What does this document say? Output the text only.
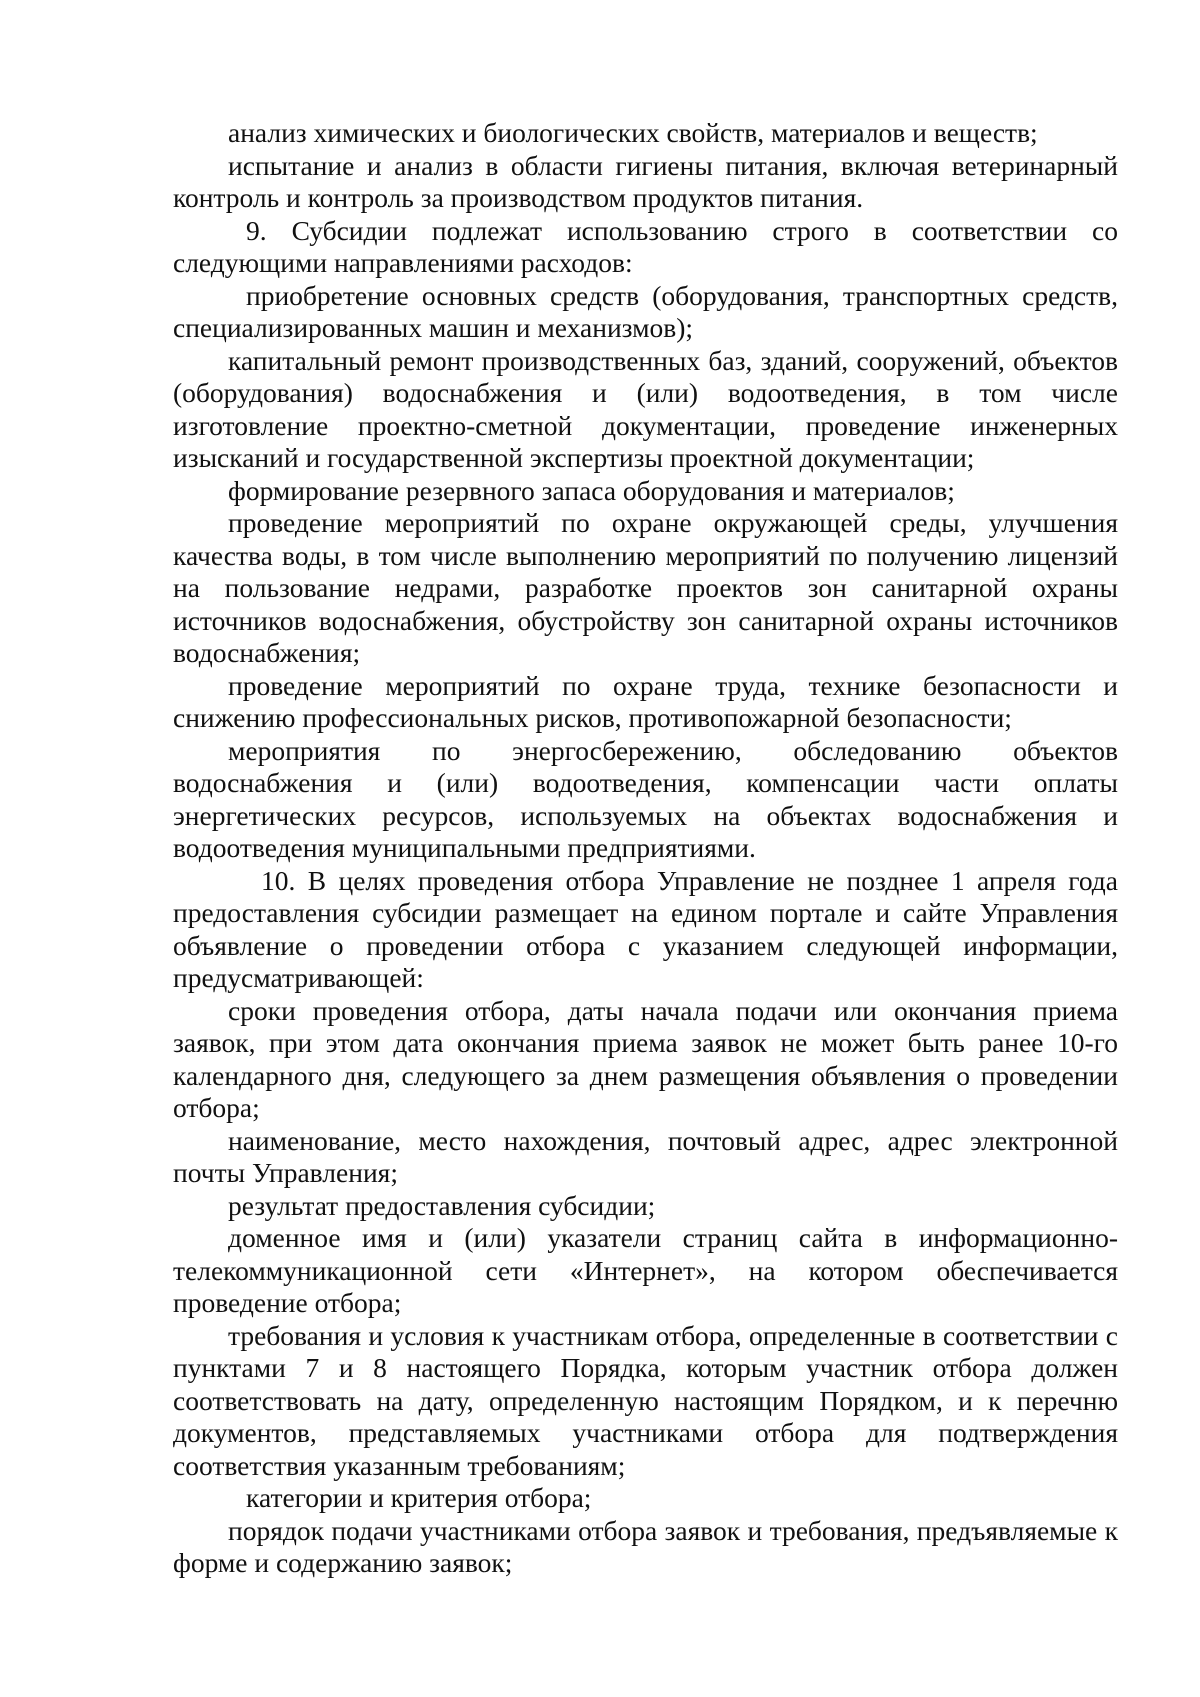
анализ химических и биологических свойств, материалов и веществ;

испытание и анализ в области гигиены питания, включая ветеринарный контроль и контроль за производством продуктов питания.

9. Субсидии подлежат использованию строго в соответствии со следующими направлениями расходов:

приобретение основных средств (оборудования, транспортных средств, специализированных машин и механизмов);

капитальный ремонт производственных баз, зданий, сооружений, объектов (оборудования) водоснабжения и (или) водоотведения, в том числе изготовление проектно-сметной документации, проведение инженерных изысканий и государственной экспертизы проектной документации;

формирование резервного запаса оборудования и материалов;

проведение мероприятий по охране окружающей среды, улучшения качества воды, в том числе выполнению мероприятий по получению лицензий на пользование недрами, разработке проектов зон санитарной охраны источников водоснабжения, обустройству зон санитарной охраны источников водоснабжения;

проведение мероприятий по охране труда, технике безопасности и снижению профессиональных рисков, противопожарной безопасности;

мероприятия по энергосбережению, обследованию объектов водоснабжения и (или) водоотведения, компенсации части оплаты энергетических ресурсов, используемых на объектах водоснабжения и водоотведения муниципальными предприятиями.

10. В целях проведения отбора Управление не позднее 1 апреля года предоставления субсидии размещает на едином портале и сайте Управления объявление о проведении отбора с указанием следующей информации, предусматривающей:

сроки проведения отбора, даты начала подачи или окончания приема заявок, при этом дата окончания приема заявок не может быть ранее 10-го календарного дня, следующего за днем размещения объявления о проведении отбора;

наименование, место нахождения, почтовый адрес, адрес электронной почты Управления;

результат предоставления субсидии;

доменное имя и (или) указатели страниц сайта в информационно-телекоммуникационной сети «Интернет», на котором обеспечивается проведение отбора;

требования и условия к участникам отбора, определенные в соответствии с пунктами 7 и 8 настоящего Порядка, которым участник отбора должен соответствовать на дату, определенную настоящим Порядком, и к перечню документов, представляемых участниками отбора для подтверждения соответствия указанным требованиям;

категории и критерия отбора;

порядок подачи участниками отбора заявок и требования, предъявляемые к форме и содержанию заявок;
